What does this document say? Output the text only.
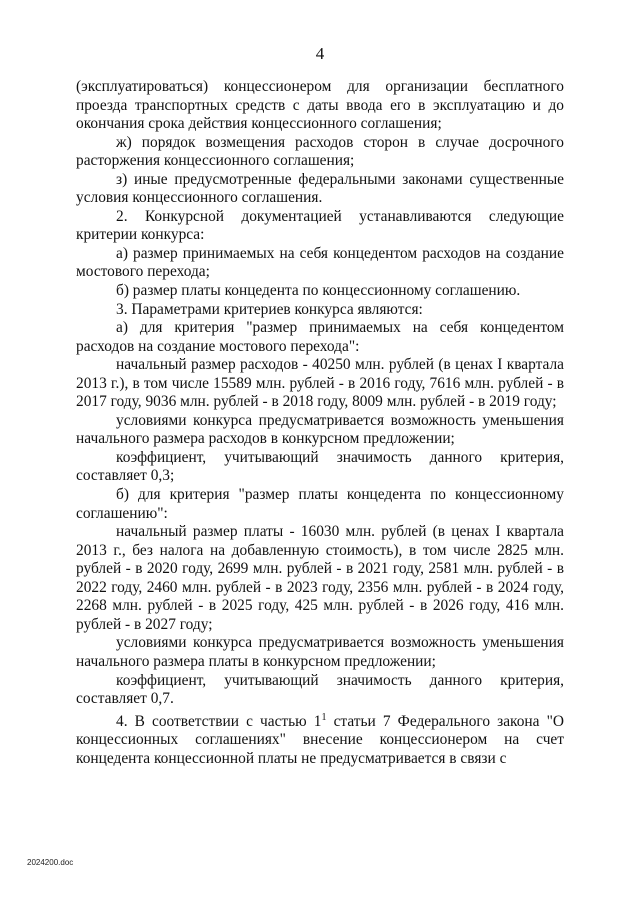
4

(эксплуатироваться) концессионером для организации бесплатного проезда транспортных средств с даты ввода его в эксплуатацию и до окончания срока действия концессионного соглашения;

ж) порядок возмещения расходов сторон в случае досрочного расторжения концессионного соглашения;

з) иные предусмотренные федеральными законами существенные условия концессионного соглашения.

2. Конкурсной документацией устанавливаются следующие критерии конкурса:

а) размер принимаемых на себя концедентом расходов на создание мостового перехода;

б) размер платы концедента по концессионному соглашению.

3. Параметрами критериев конкурса являются:

а) для критерия "размер принимаемых на себя концедентом расходов на создание мостового перехода":

начальный размер расходов - 40250 млн. рублей (в ценах I квартала 2013 г.), в том числе 15589 млн. рублей - в 2016 году, 7616 млн. рублей - в 2017 году, 9036 млн. рублей - в 2018 году, 8009 млн. рублей - в 2019 году;

условиями конкурса предусматривается возможность уменьшения начального размера расходов в конкурсном предложении;

коэффициент, учитывающий значимость данного критерия, составляет 0,3;

б) для критерия "размер платы концедента по концессионному соглашению":

начальный размер платы - 16030 млн. рублей (в ценах I квартала 2013 г., без налога на добавленную стоимость), в том числе 2825 млн. рублей - в 2020 году, 2699 млн. рублей - в 2021 году, 2581 млн. рублей - в 2022 году, 2460 млн. рублей - в 2023 году, 2356 млн. рублей - в 2024 году, 2268 млн. рублей - в 2025 году, 425 млн. рублей - в 2026 году, 416 млн. рублей - в 2027 году;

условиями конкурса предусматривается возможность уменьшения начального размера платы в конкурсном предложении;

коэффициент, учитывающий значимость данного критерия, составляет 0,7.

4. В соответствии с частью $1^1$ статьи 7 Федерального закона "О концессионных соглашениях" внесение концессионером на счет концедента концессионной платы не предусматривается в связи с

2024200.doc
